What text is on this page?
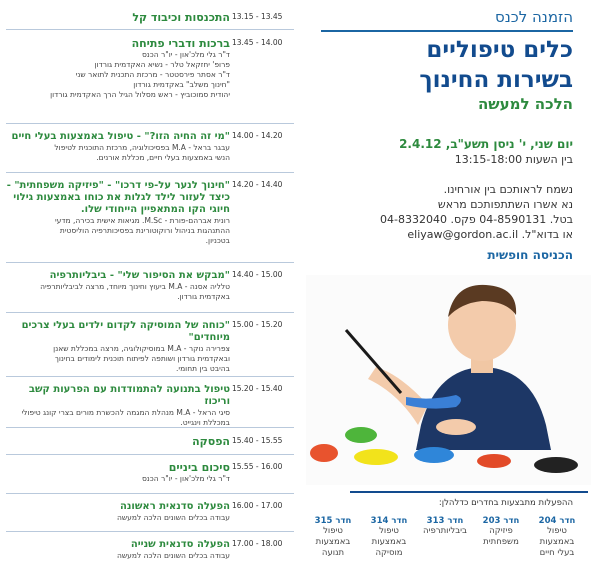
הזמנה לכנס
כלים טיפוליים
בשירות החינוך
הלכה למעשה
יום שני, י' ניסן תשע"ב, 2.4.12
בין השעות 13:15-18:00
נשמח לראותכם בין אורחינו.
נא אשרו השתתפותכם מראש
בטל. 04-8590131 פקס. 04-8332040
או בדוא"ל. eliyaw@gordon.ac.il
הכניסה חופשית
ההפעלות מתבצעות בחדרים כדלהלן:
חדר 204
טיפול באמצעות בעלי חיים
חדר 203
פיזיקה משפחתית
חדר 313
ביבליותרפיה
חדר 314
טיפול באמצעות מוסיקה
חדר 315
טיפול באמצעות תנועה
13.15 - 13.45
התכנסות וכיבוד קל
13.45 - 14.00
ברכות ודברי פתיחה
ד"ר גלי מלכ'און - יו"ר הכנס
פרופ' יחזקאל טלר - נשיא האקדמית גורדון
ד"ר אסתר פירסטטר - מרכזת התכנית לתואר שני
"חינוך משלב" באקדמית גורדון
יהודית סמוכוביץ - ראש מסלול הגיל הרך האקדמית גורדון
14.00 - 14.20
"מי זה החיה הזו?" - טיפול באמצעות בעלי חיים
עבגר בראל - M.A בפסיכולוגיה, מרכזת התוכנית לטיפול
הנשי באמצעות בעלי חיים, מכללת אורנים.
14.20 - 14.40
"חינוך לנער על-פי דרכו" - "פיזיקה משפחתית" - כיצד לעזור לילד לגלות את כוחו באמצעות גילוי חיוגי הקו המתאפיין הייחודי שלו.
רונית אברהם-פורת - M.Sc. מגיאות אישית בכירה, מדעי
ההתנהגות בניהול ורוקוטורינת בפסיכותרפיה הוליסטית
בטכניון.
14.40 - 15.00
"מבקש את הסיפור שלי" - ביבליותרפיה
טלליה אסנה - M.A ביעוץ וחינוך מיוחד, מרצה לביבליותרפיה
באקדמית גורדון.
15.00 - 15.20
"כוחה של המוסיקה לקדום ילדים בעלי צרכים מיוחדים"
צפרירה נוקר - M.A במוסיקולוגיה, מרצה במכללת שאנן
ובאקדמית גורדון ושותפה לפיתוח תוכנית לימודים בחינוך
בהיבט בין תחומי.
15.20 - 15.40
טיפול בתנועה להתמודדות עם הפרעות קשב וריכוז
סיגי הראל - M.A מנהלת המגמה להכשרת מורים בצרי קונג טיפולי
במכללת וינגייט.
15.40 - 15.55
הפסקה
15.55 - 16.00
סיכום ביניים
ד"ר גלי מלכ'און - יו"ר הכנס
16.00 - 17.00
הפעלה סדנאית ראשונה
עבודה בכלים השונים הלכה למעשה
17.00 - 18.00
הפעלה סדנאית שנייה
עבודה בכלים השונים הלכה למעשה
